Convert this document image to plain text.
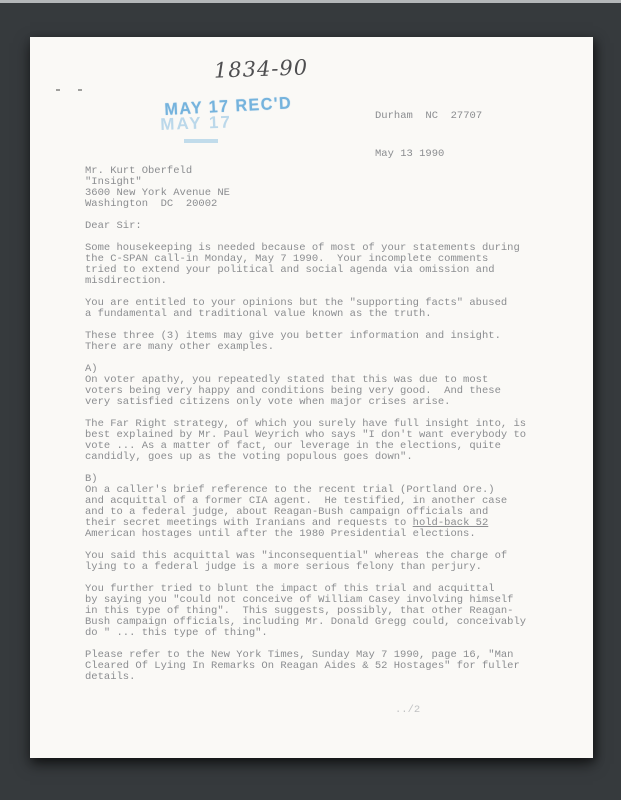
1834-90
MAY 17 REC'D
MAY 17	Durham  NC  27707
May 13 1990
Mr. Kurt Oberfeld
"Insight"
3600 New York Avenue NE
Washington  DC  20002
Dear Sir:
Some housekeeping is needed because of most of your statements during
the C-SPAN call-in Monday, May 7 1990.  Your incomplete comments
tried to extend your political and social agenda via omission and
misdirection.
You are entitled to your opinions but the "supporting facts" abused
a fundamental and traditional value known as the truth.
These three (3) items may give you better information and insight.
There are many other examples.
A)
On voter apathy, you repeatedly stated that this was due to most
voters being very happy and conditions being very good.  And these
very satisfied citizens only vote when major crises arise.
The Far Right strategy, of which you surely have full insight into, is
best explained by Mr. Paul Weyrich who says "I don't want everybody to
vote ... As a matter of fact, our leverage in the elections, quite
candidly, goes up as the voting populous goes down".
B)
On a caller's brief reference to the recent trial (Portland Ore.)
and acquittal of a former CIA agent.  He testified, in another case
and to a federal judge, about Reagan-Bush campaign officials and
their secret meetings with Iranians and requests to hold-back 52
American hostages until after the 1980 Presidential elections.
You said this acquittal was "inconsequential" whereas the charge of
lying to a federal judge is a more serious felony than perjury.
You further tried to blunt the impact of this trial and acquittal
by saying you "could not conceive of William Casey involving himself
in this type of thing".  This suggests, possibly, that other Reagan-
Bush campaign officials, including Mr. Donald Gregg could, conceivably
do " ... this type of thing".
Please refer to the New York Times, Sunday May 7 1990, page 16, "Man
Cleared Of Lying In Remarks On Reagan Aides & 52 Hostages" for fuller
details.
../2
